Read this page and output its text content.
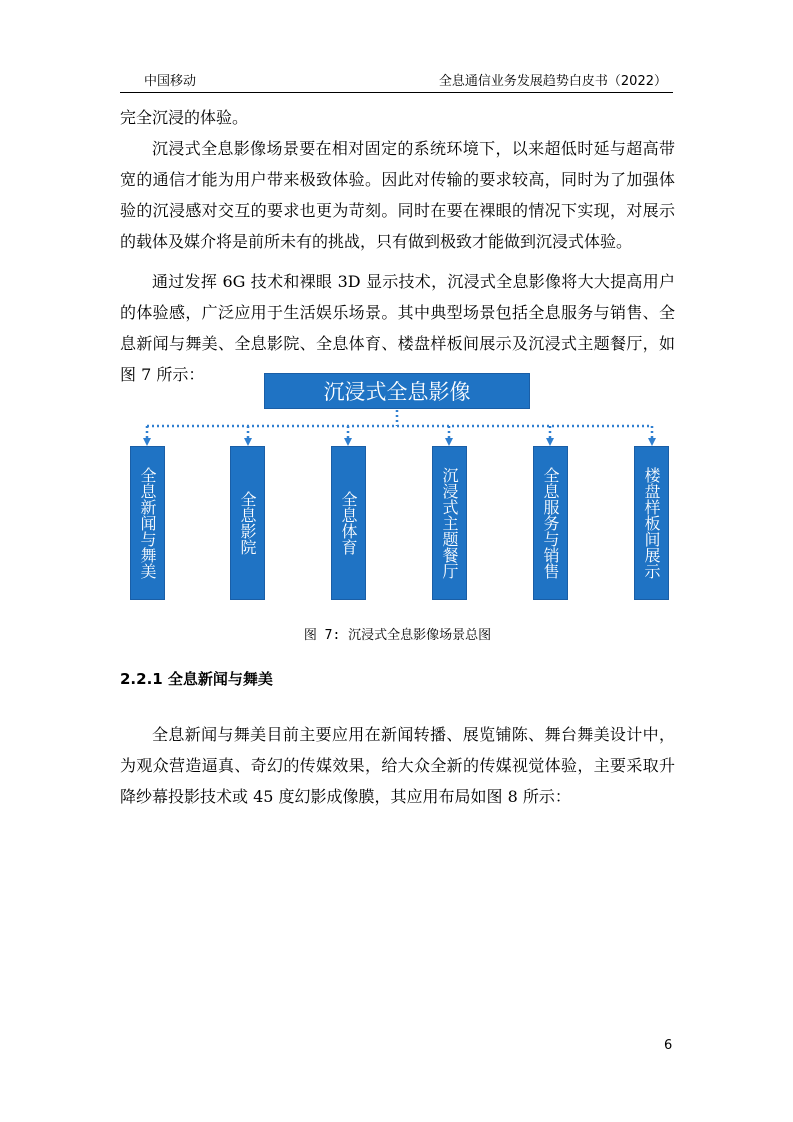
中国移动	全息通信业务发展趋势白皮书（2022）

完全沉浸的体验。

沉浸式全息影像场景要在相对固定的系统环境下，以来超低时延与超高带宽的通信才能为用户带来极致体验。因此对传输的要求较高，同时为了加强体验的沉浸感对交互的要求也更为苛刻。同时在要在裸眼的情况下实现，对展示的载体及媒介将是前所未有的挑战，只有做到极致才能做到沉浸式体验。

通过发挥 6G 技术和裸眼 3D 显示技术，沉浸式全息影像将大大提高用户的体验感，广泛应用于生活娱乐场景。其中典型场景包括全息服务与销售、全息新闻与舞美、全息影院、全息体育、楼盘样板间展示及沉浸式主题餐厅，如图 7 所示：

沉浸式全息影像
全息新闻与舞美	全息影院	全息体育	沉浸式主题餐厅	全息服务与销售	楼盘样板间展示
图 7: 沉浸式全息影像场景总图
2.2.1 全息新闻与舞美

全息新闻与舞美目前主要应用在新闻转播、展览铺陈、舞台舞美设计中，为观众营造逼真、奇幻的传媒效果，给大众全新的传媒视觉体验，主要采取升降纱幕投影技术或 45 度幻影成像膜，其应用布局如图 8 所示：

6
